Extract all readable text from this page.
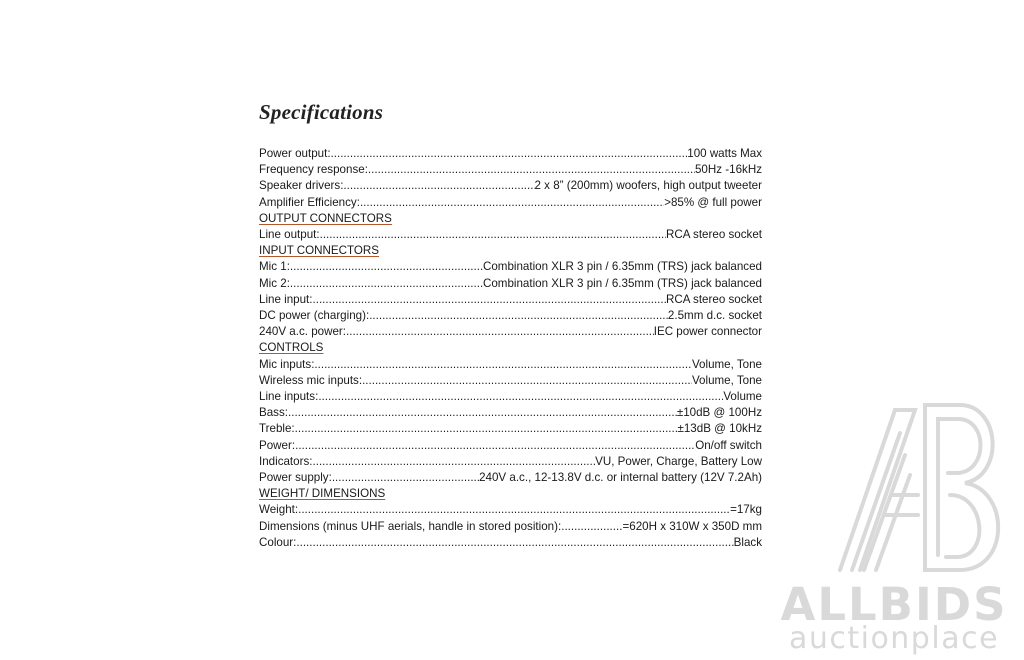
Specifications
Power output: .....	100 watts Max
Frequency response: .....	50Hz -16kHz
Speaker drivers: .....	2 x 8” (200mm) woofers, high output tweeter
Amplifier Efficiency: .....	>85% @ full power
OUTPUT CONNECTORS
Line output: .....	RCA stereo socket
INPUT CONNECTORS
Mic 1: .....	Combination XLR 3 pin / 6.35mm (TRS) jack balanced
Mic 2: .....	Combination XLR 3 pin / 6.35mm (TRS) jack balanced
Line input: .....	RCA stereo socket
DC power (charging): .....	2.5mm d.c. socket
240V a.c. power: .....	IEC power connector
CONTROLS
Mic inputs: .....	Volume, Tone
Wireless mic inputs: .....	Volume, Tone
Line inputs: .....	Volume
Bass: .....	±10dB @ 100Hz
Treble: .....	±13dB @ 10kHz
Power: .....	On/off switch
Indicators: .....	VU, Power, Charge, Battery Low
Power supply: .....	240V a.c., 12-13.8V d.c. or internal battery (12V 7.2Ah)
WEIGHT/ DIMENSIONS
Weight: .....	=17kg
Dimensions (minus UHF aerials, handle in stored position): .....	=620H x 310W x 350D mm
Colour: .....	Black
ALLBIDS
auctionplace
